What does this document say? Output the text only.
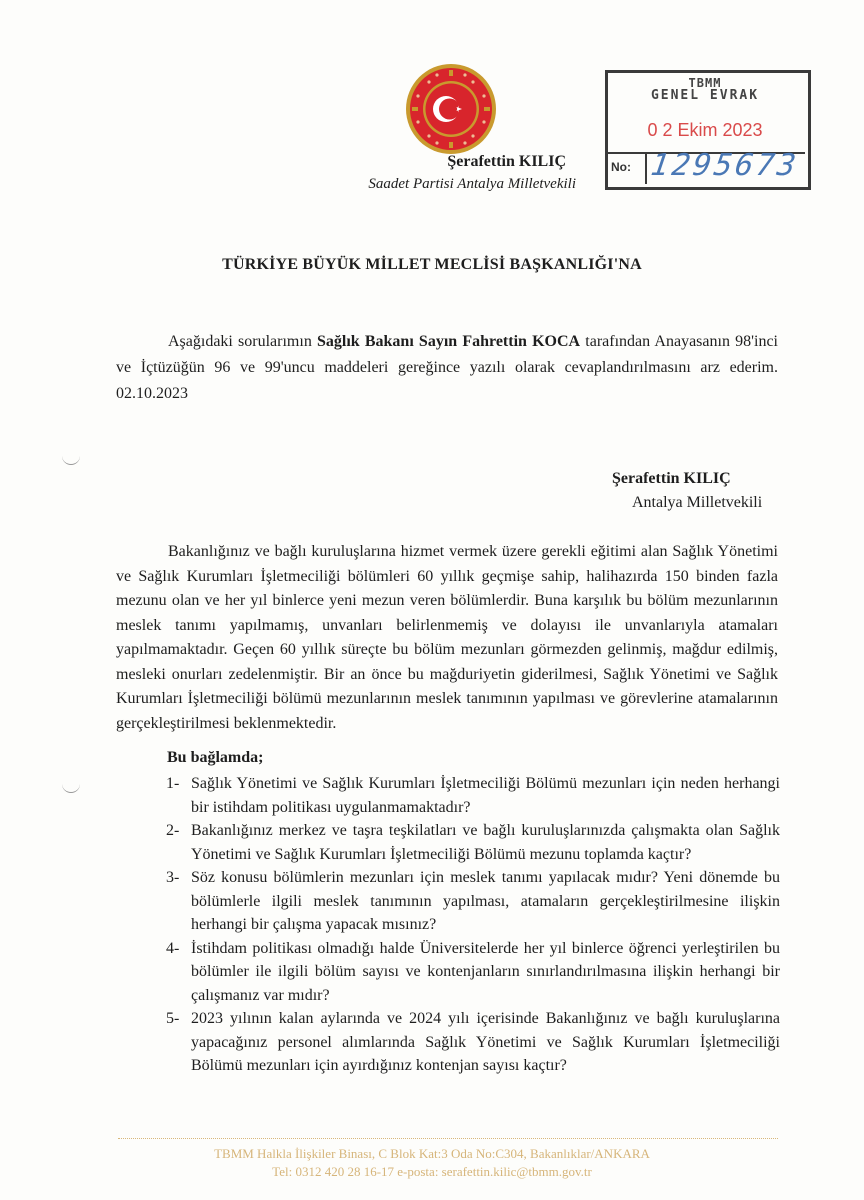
Şerafettin KILIÇ
Saadet Partisi Antalya Milletvekili
TBMM
GENEL EVRAK
0 2 Ekim 2023
No: 1295673
TÜRKİYE BÜYÜK MİLLET MECLİSİ BAŞKANLIĞI'NA
Aşağıdaki sorularımın Sağlık Bakanı Sayın Fahrettin KOCA tarafından Anayasanın 98'inci ve İçtüzüğün 96 ve 99'uncu maddeleri gereğince yazılı olarak cevaplandırılmasını arz ederim. 02.10.2023
Şerafettin KILIÇ
Antalya Milletvekili
Bakanlığınız ve bağlı kuruluşlarına hizmet vermek üzere gerekli eğitimi alan Sağlık Yönetimi ve Sağlık Kurumları İşletmeciliği bölümleri 60 yıllık geçmişe sahip, halihazırda 150 binden fazla mezunu olan ve her yıl binlerce yeni mezun veren bölümlerdir. Buna karşılık bu bölüm mezunlarının meslek tanımı yapılmamış, unvanları belirlenmemiş ve dolayısı ile unvanlarıyla atamaları yapılmamaktadır. Geçen 60 yıllık süreçte bu bölüm mezunları görmezden gelinmiş, mağdur edilmiş, mesleki onurları zedelenmiştir. Bir an önce bu mağduriyetin giderilmesi, Sağlık Yönetimi ve Sağlık Kurumları İşletmeciliği bölümü mezunlarının meslek tanımının yapılması ve görevlerine atamalarının gerçekleştirilmesi beklenmektedir.
Bu bağlamda;
1- Sağlık Yönetimi ve Sağlık Kurumları İşletmeciliği Bölümü mezunları için neden herhangi bir istihdam politikası uygulanmamaktadır?
2- Bakanlığınız merkez ve taşra teşkilatları ve bağlı kuruluşlarınızda çalışmakta olan Sağlık Yönetimi ve Sağlık Kurumları İşletmeciliği Bölümü mezunu toplamda kaçtır?
3- Söz konusu bölümlerin mezunları için meslek tanımı yapılacak mıdır? Yeni dönemde bu bölümlerle ilgili meslek tanımının yapılması, atamaların gerçekleştirilmesine ilişkin herhangi bir çalışma yapacak mısınız?
4- İstihdam politikası olmadığı halde Üniversitelerde her yıl binlerce öğrenci yerleştirilen bu bölümler ile ilgili bölüm sayısı ve kontenjanların sınırlandırılmasına ilişkin herhangi bir çalışmanız var mıdır?
5- 2023 yılının kalan aylarında ve 2024 yılı içerisinde Bakanlığınız ve bağlı kuruluşlarına yapacağınız personel alımlarında Sağlık Yönetimi ve Sağlık Kurumları İşletmeciliği Bölümü mezunları için ayırdığınız kontenjan sayısı kaçtır?
TBMM Halkla İlişkiler Binası, C Blok Kat:3 Oda No:C304, Bakanlıklar/ANKARA
Tel: 0312 420 28 16-17 e-posta: serafettin.kilic@tbmm.gov.tr
